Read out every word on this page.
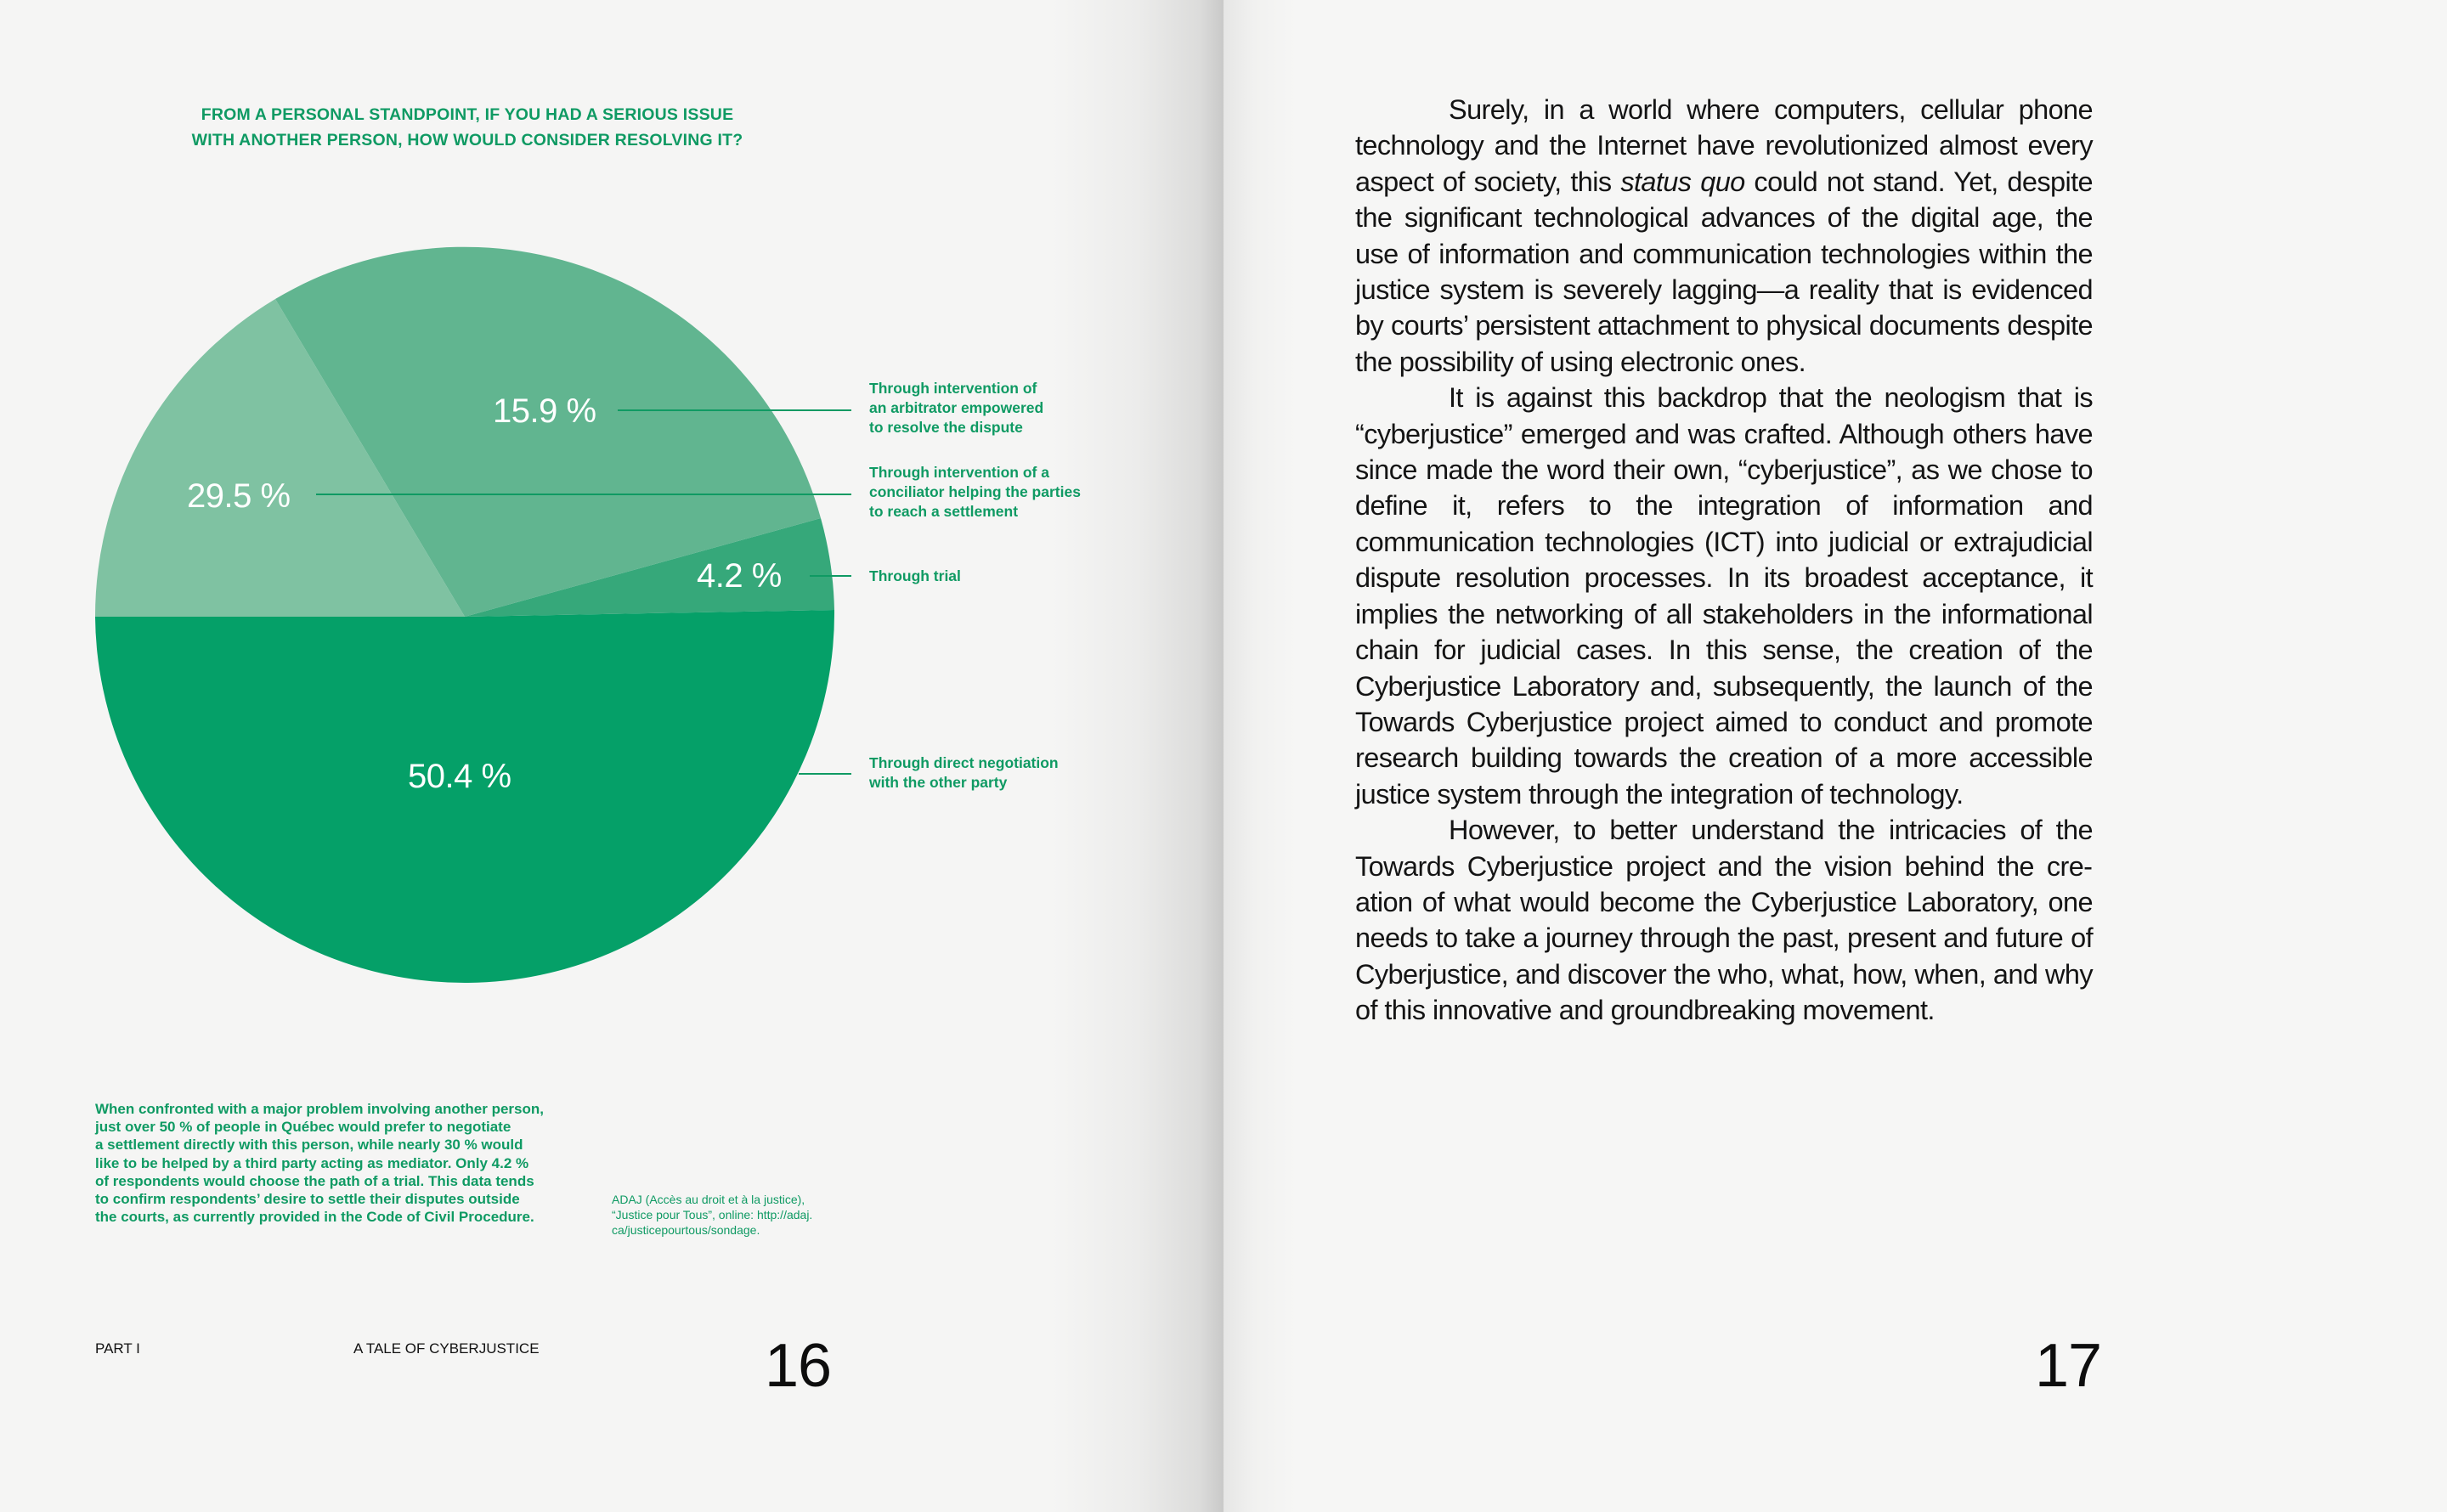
FROM A PERSONAL STANDPOINT, IF YOU HAD A SERIOUS ISSUE
WITH ANOTHER PERSON, HOW WOULD CONSIDER RESOLVING IT?
15.9 %
29.5 %
4.2 %
50.4 %
Through intervention of
an arbitrator empowered
to resolve the dispute
Through intervention of a
conciliator helping the parties
to reach a settlement
Through trial
Through direct negotiation
with the other party
When confronted with a major problem involving another person,
just over 50 % of people in Québec would prefer to negotiate
a settlement directly with this person, while nearly 30 % would
like to be helped by a third party acting as mediator. Only 4.2 %
of respondents would choose the path of a trial. This data tends
to confirm respondents’ desire to settle their disputes outside
the courts, as currently provided in the Code of Civil Procedure.
ADAJ (Accès au droit et à la justice),
“Justice pour Tous”, online: http://adaj.
ca/justicepourtous/sondage.
PART I	A TALE OF CYBERJUSTICE	16

Surely, in a world where computers, cellular phone technology and the Internet have revolutionized almost every aspect of society, this status quo could not stand. Yet, despite the significant technological advances of the digital age, the use of information and communication technologies within the justice system is severely lagging—a reality that is evidenced by courts’ persistent attachment to physical documents despite the possibility of using electronic ones.

It is against this backdrop that the neologism that is “cyberjustice” emerged and was crafted. Although others have since made the word their own, “cyberjustice”, as we chose to define it, refers to the integration of information and communication technologies (ICT) into judicial or extrajudicial dispute resolution processes. In its broadest acceptance, it implies the networking of all stakeholders in the informational chain for judicial cases. In this sense, the creation of the Cyberjustice Laboratory and, subsequently, the launch of the Towards Cyberjustice project aimed to conduct and promote research building towards the creation of a more accessible justice system through the integration of technology.

However, to better understand the intricacies of the Towards Cyberjustice project and the vision behind the creation of what would become the Cyberjustice Laboratory, one needs to take a journey through the past, present and future of Cyberjustice, and discover the who, what, how, when, and why of this innovative and groundbreaking movement.

17
